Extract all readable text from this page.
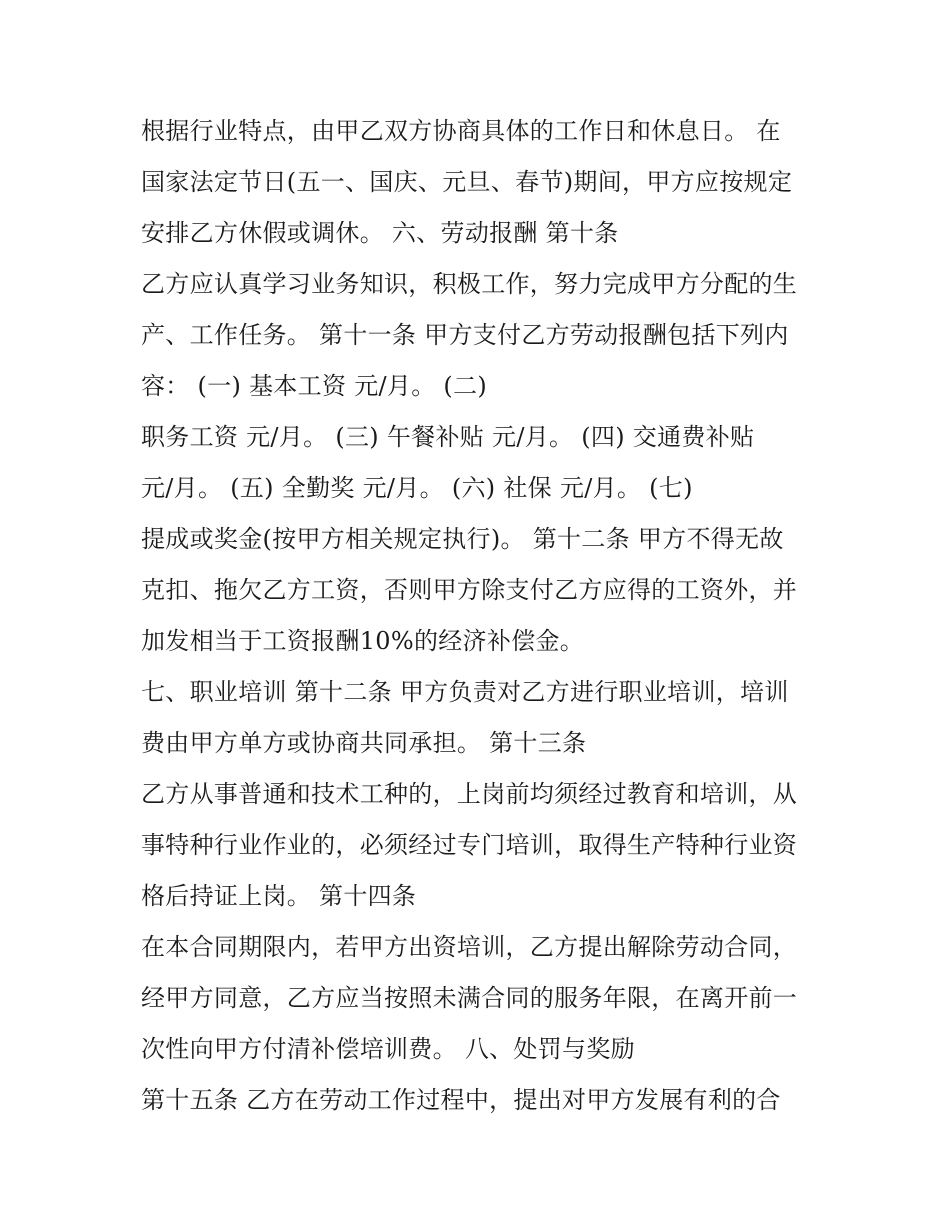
根据行业特点，由甲乙双方协商具体的工作日和休息日。 在
国家法定节日(五一、国庆、元旦、春节)期间，甲方应按规定
安排乙方休假或调休。 六、劳动报酬 第十条
乙方应认真学习业务知识，积极工作，努力完成甲方分配的生
产、工作任务。 第十一条 甲方支付乙方劳动报酬包括下列内
容： (一) 基本工资 元/月。 (二)
职务工资 元/月。 (三) 午餐补贴 元/月。 (四) 交通费补贴
元/月。 (五) 全勤奖 元/月。 (六) 社保 元/月。 (七)
提成或奖金(按甲方相关规定执行)。 第十二条 甲方不得无故
克扣、拖欠乙方工资，否则甲方除支付乙方应得的工资外，并
加发相当于工资报酬10%的经济补偿金。
七、职业培训 第十二条 甲方负责对乙方进行职业培训，培训
费由甲方单方或协商共同承担。 第十三条
乙方从事普通和技术工种的，上岗前均须经过教育和培训，从
事特种行业作业的，必须经过专门培训，取得生产特种行业资
格后持证上岗。 第十四条
在本合同期限内，若甲方出资培训，乙方提出解除劳动合同，
经甲方同意，乙方应当按照未满合同的服务年限，在离开前一
次性向甲方付清补偿培训费。 八、处罚与奖励
第十五条 乙方在劳动工作过程中，提出对甲方发展有利的合
